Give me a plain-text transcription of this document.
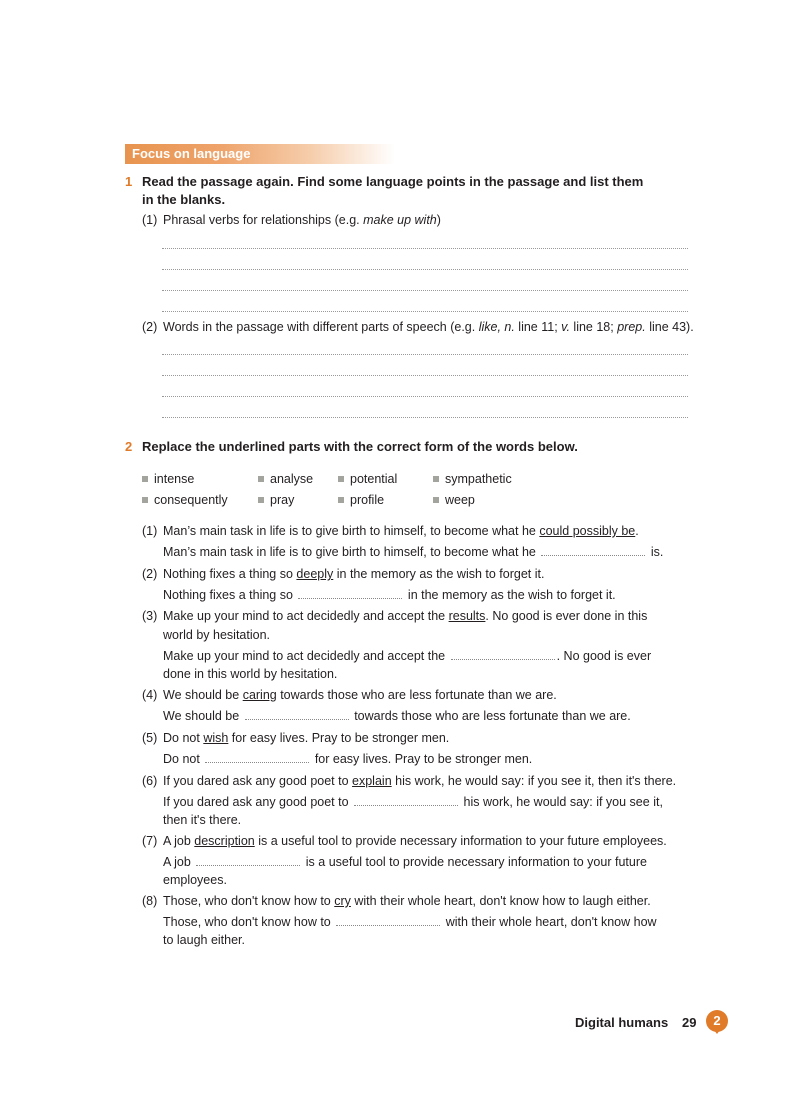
Focus on language
1 Read the passage again. Find some language points in the passage and list them
in the blanks.
(1) Phrasal verbs for relationships (e.g. make up with)
(2) Words in the passage with different parts of speech (e.g. like, n. line 11; v. line 18; prep. line 43).
2 Replace the underlined parts with the correct form of the words below.
intense	analyse	potential	sympathetic
consequently	pray	profile	weep
(1) Man’s main task in life is to give birth to himself, to become what he could possibly be.
Man’s main task in life is to give birth to himself, to become what he	is.
(2) Nothing fixes a thing so deeply in the memory as the wish to forget it.
Nothing fixes a thing so	in the memory as the wish to forget it.
(3) Make up your mind to act decidedly and accept the results. No good is ever done in this
world by hesitation.
Make up your mind to act decidedly and accept the	. No good is ever
done in this world by hesitation.
(4) We should be caring towards those who are less fortunate than we are.
We should be	towards those who are less fortunate than we are.
(5) Do not wish for easy lives. Pray to be stronger men.
Do not	for easy lives. Pray to be stronger men.
(6) If you dared ask any good poet to explain his work, he would say: if you see it, then it's there.
If you dared ask any good poet to	his work, he would say: if you see it,
then it's there.
(7) A job description is a useful tool to provide necessary information to your future employees.
A job	is a useful tool to provide necessary information to your future
employees.
(8) Those, who don't know how to cry with their whole heart, don't know how to laugh either.
Those, who don't know how to	with their whole heart, don't know how
to laugh either.
Digital humans 29	2
